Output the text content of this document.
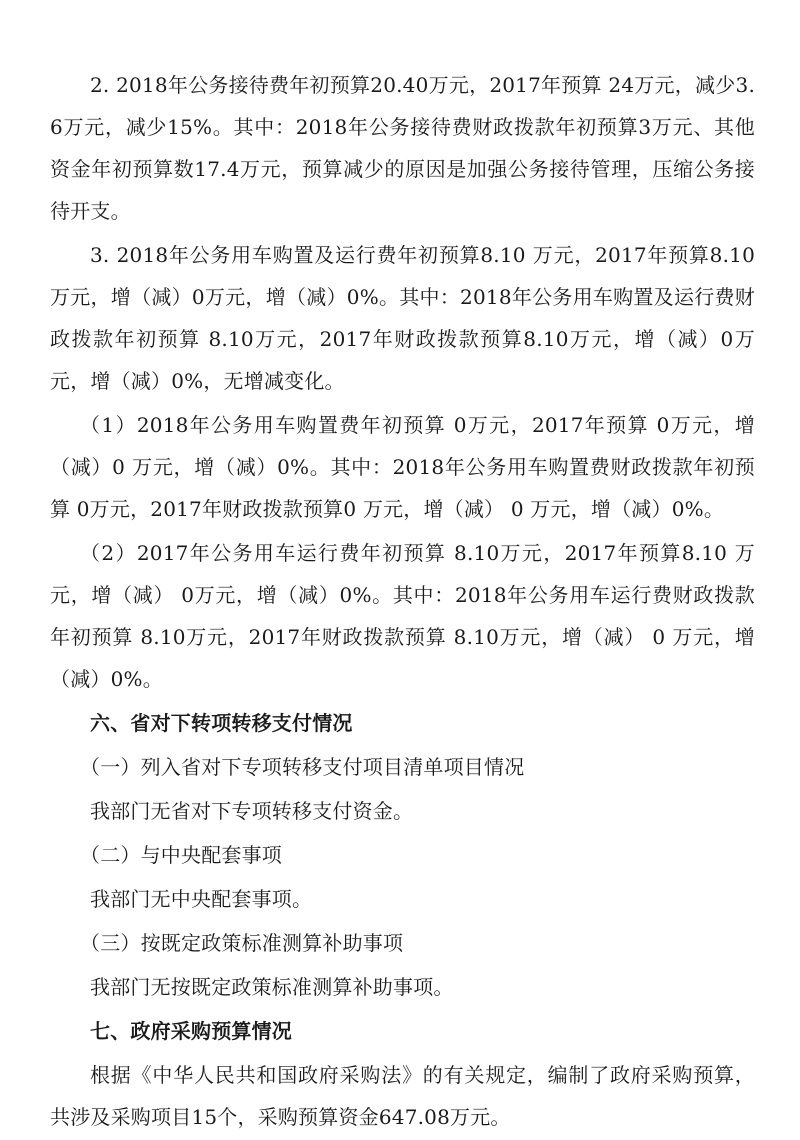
2. 2018年公务接待费年初预算20.40万元，2017年预算 24万元，减少3.6万元，减少15%。其中：2018年公务接待费财政拨款年初预算3万元、其他资金年初预算数17.4万元，预算减少的原因是加强公务接待管理，压缩公务接待开支。

3. 2018年公务用车购置及运行费年初预算8.10 万元，2017年预算8.10 万元，增（减）0万元，增（减）0%。其中：2018年公务用车购置及运行费财政拨款年初预算 8.10万元，2017年财政拨款预算8.10万元，增（减）0万元，增（减）0%，无增减变化。

（1）2018年公务用车购置费年初预算 0万元，2017年预算 0万元，增（减）0 万元，增（减）0%。其中：2018年公务用车购置费财政拨款年初预算 0万元，2017年财政拨款预算0 万元，增（减） 0 万元，增（减）0%。

（2）2017年公务用车运行费年初预算 8.10万元，2017年预算8.10 万元，增（减） 0万元，增（减）0%。其中：2018年公务用车运行费财政拨款年初预算 8.10万元，2017年财政拨款预算 8.10万元，增（减） 0 万元，增（减）0%。

六、省对下转项转移支付情况
（一）列入省对下专项转移支付项目清单项目情况
我部门无省对下专项转移支付资金。
（二）与中央配套事项
我部门无中央配套事项。
（三）按既定政策标准测算补助事项
我部门无按既定政策标准测算补助事项。
七、政府采购预算情况

根据《中华人民共和国政府采购法》的有关规定，编制了政府采购预算，共涉及采购项目15个，采购预算资金647.08万元。
